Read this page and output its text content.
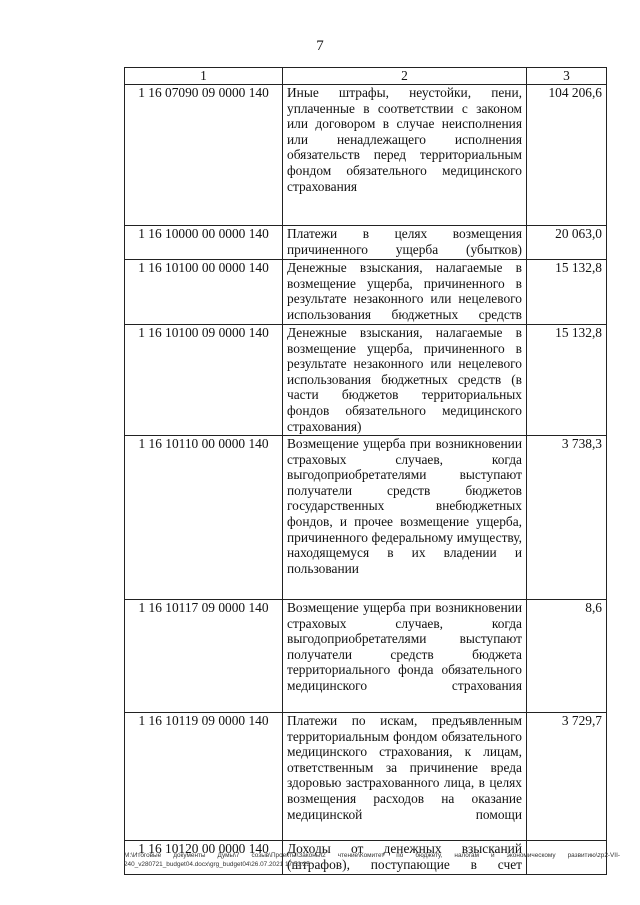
7
1	2	3
1 16 07090 09 0000 140	Иные штрафы, неустойки, пени, уплаченные в соответствии с законом или договором в случае неисполнения или ненадлежащего исполнения обязательств перед территориальным фондом обязательного медицинского страхования	104 206,6
1 16 10000 00 0000 140	Платежи в целях возмещения причиненного ущерба (убытков)	20 063,0
1 16 10100 00 0000 140	Денежные взыскания, налагаемые в возмещение ущерба, причиненного в результате незаконного или нецелевого использования бюджетных средств	15 132,8
1 16 10100 09 0000 140	Денежные взыскания, налагаемые в возмещение ущерба, причиненного в результате незаконного или нецелевого использования бюджетных средств (в части бюджетов территориальных фондов обязательного медицинского страхования)	15 132,8
1 16 10110 00 0000 140	Возмещение ущерба при возникновении страховых случаев, когда выгодоприобретателями выступают получатели средств бюджетов государственных внебюджетных фондов, и прочее возмещение ущерба, причиненного федеральному имуществу, находящемуся в их владении и пользовании	3 738,3
1 16 10117 09 0000 140	Возмещение ущерба при возникновении страховых случаев, когда выгодоприобретателями выступают получатели средств бюджета территориального фонда обязательного медицинского страхования	8,6
1 16 10119 09 0000 140	Платежи по искам, предъявленным территориальным фондом обязательного медицинского страхования, к лицам, ответственным за причинение вреда здоровью застрахованного лица, в целях возмещения расходов на оказание медицинской помощи	3 729,7
1 16 10120 00 0000 140	Доходы от денежных взысканий (штрафов), поступающие в счет	
M:\Итоговые документы Думы\7 созыв\Проекты\Законы\2 чтение\Комитет по бюджету, налогам и экономическому развитию\zp2-VII-240_v280721_budget04.docx\grg_budget04\26.07.2021 17:53:25
